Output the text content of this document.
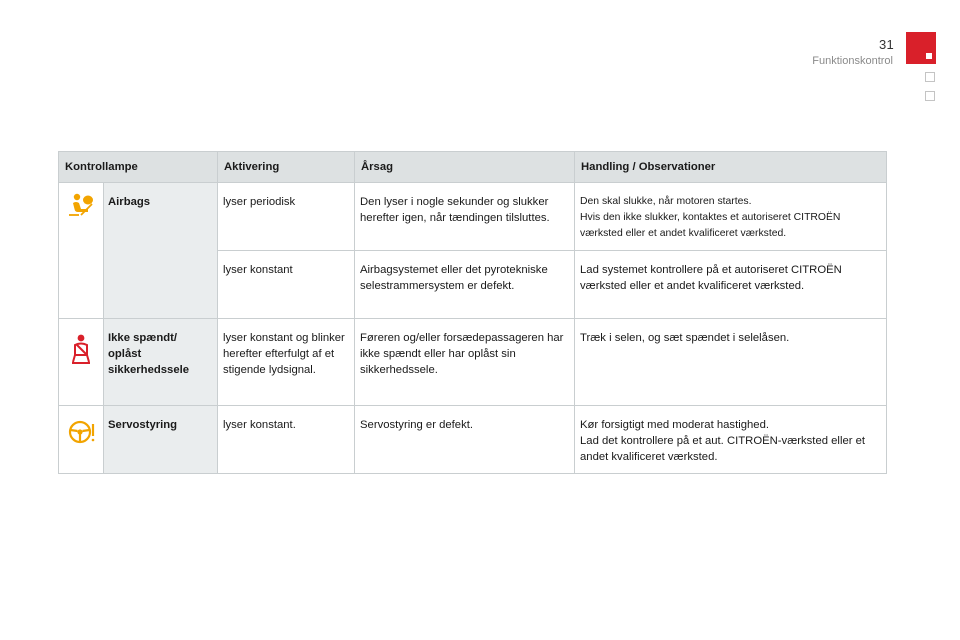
31
Funktionskontrol
Kontrollampe		Aktivering	Årsag	Handling / Observationer

	Airbags	lyser periodisk	Den lyser i nogle sekunder og slukker herefter igen, når tændingen tilsluttes.	Den skal slukke, når motoren startes.
Hvis den ikke slukker, kontaktes et autoriseret CITROËN værksted eller et andet kvalificeret værksted.

		lyser konstant	Airbagsystemet eller det pyrotekniske selestrammersystem er defekt.	Lad systemet kontrollere på et autoriseret CITROËN værksted eller et andet kvalificeret værksted.

	Ikke spændt/ oplåst sikkerhedssele	lyser konstant og blinker herefter efterfulgt af et stigende lydsignal.	Føreren og/eller forsædepassageren har ikke spændt eller har oplåst sin sikkerhedssele.	Træk i selen, og sæt spændet i selelåsen.

	Servostyring	lyser konstant.	Servostyring er defekt.	Kør forsigtigt med moderat hastighed.
Lad det kontrollere på et aut. CITROËN-værksted eller et andet kvalificeret værksted.
